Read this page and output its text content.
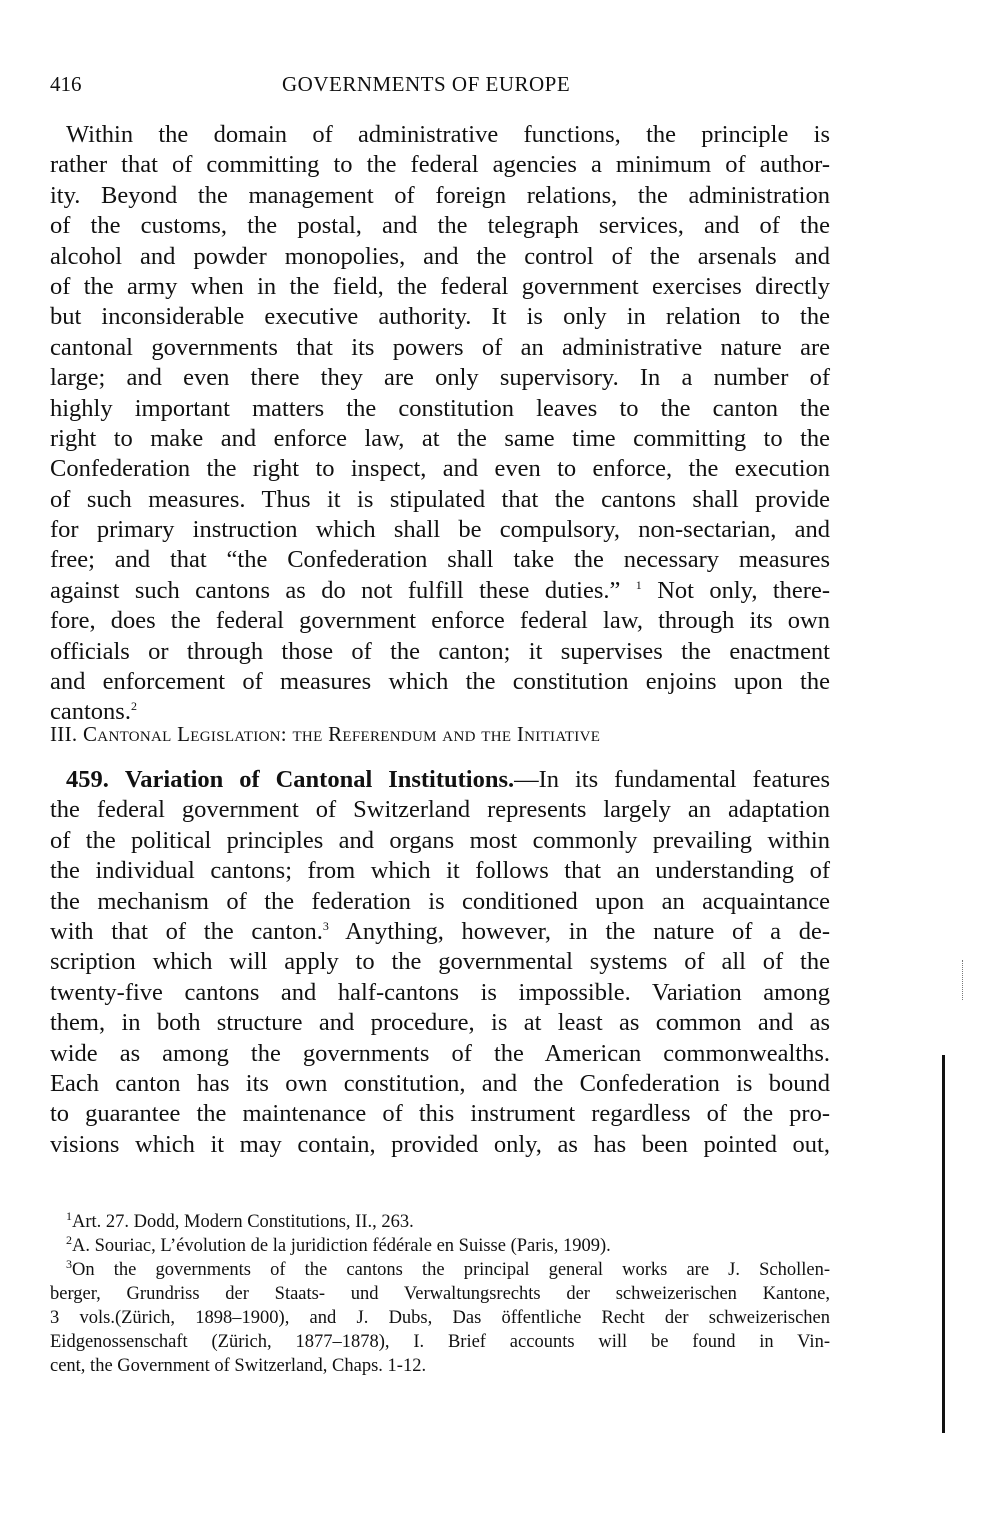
416	GOVERNMENTS OF EUROPE
Within the domain of administrative functions, the principle is
rather that of committing to the federal agencies a minimum of author-
ity. Beyond the management of foreign relations, the administration
of the customs, the postal, and the telegraph services, and of the
alcohol and powder monopolies, and the control of the arsenals and
of the army when in the field, the federal government exercises directly
but inconsiderable executive authority. It is only in relation to the
cantonal governments that its powers of an administrative nature are
large; and even there they are only supervisory. In a number of
highly important matters the constitution leaves to the canton the
right to make and enforce law, at the same time committing to the
Confederation the right to inspect, and even to enforce, the execution
of such measures. Thus it is stipulated that the cantons shall provide
for primary instruction which shall be compulsory, non-sectarian, and
free; and that “the Confederation shall take the necessary measures
against such cantons as do not fulfill these duties.” $^1$ Not only, there-
fore, does the federal government enforce federal law, through its own
officials or through those of the canton; it supervises the enactment
and enforcement of measures which the constitution enjoins upon the
cantons.$^2$
III. Cantonal Legislation: the Referendum and the Initiative
459. Variation of Cantonal Institutions.—In its fundamental features
the federal government of Switzerland represents largely an adaptation
of the political principles and organs most commonly prevailing within
the individual cantons; from which it follows that an understanding of
the mechanism of the federation is conditioned upon an acquaintance
with that of the canton.$^3$ Anything, however, in the nature of a de-
scription which will apply to the governmental systems of all of the
twenty-five cantons and half-cantons is impossible. Variation among
them, in both structure and procedure, is at least as common and as
wide as among the governments of the American commonwealths.
Each canton has its own constitution, and the Confederation is bound
to guarantee the maintenance of this instrument regardless of the pro-
visions which it may contain, provided only, as has been pointed out,
$^1$Art. 27. Dodd, Modern Constitutions, II., 263.
$^2$A. Souriac, L’évolution de la juridiction fédérale en Suisse (Paris, 1909).
$^3$On the governments of the cantons the principal general works are J. Schollen-
berger, Grundriss der Staats- und Verwaltungsrechts der schweizerischen Kantone,
3 vols.(Zürich, 1898–1900), and J. Dubs, Das öffentliche Recht der schweizerischen
Eidgenossenschaft (Zürich, 1877–1878), I. Brief accounts will be found in Vin-
cent, the Government of Switzerland, Chaps. 1-12.
